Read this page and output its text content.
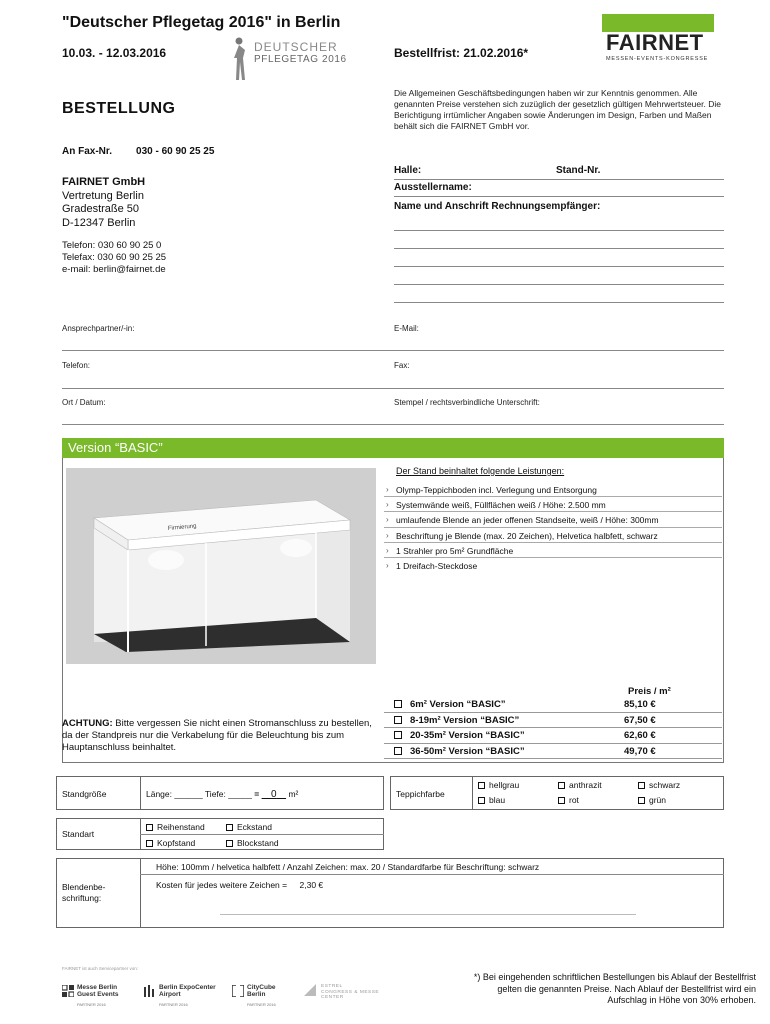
"Deutscher Pflegetag 2016" in Berlin
10.03. - 12.03.2016	DEUTSCHER
PFLEGETAG 2016	Bestellfrist: 21.02.2016*	FAIRNET
MESSEN-EVENTS-KONGRESSE
Die Allgemeinen Geschäftsbedingungen haben wir zur Kenntnis genommen. Alle genannten Preise verstehen sich zuzüglich der gesetzlich gültigen Mehrwertsteuer. Die Berichtigung irrtümlicher Angaben sowie Änderungen im Design, Farben und Maßen behält sich die FAIRNET GmbH vor.
BESTELLUNG
An Fax-Nr. 030 - 60 90 25 25
Halle:	Stand-Nr.
Ausstellername:
Name und Anschrift Rechnungsempfänger:
FAIRNET GmbH
Vertretung Berlin
Gradestraße 50
D-12347 Berlin
Telefon: 030 60 90 25 0
Telefax: 030 60 90 25 25
e-mail: berlin@fairnet.de
Ansprechpartner/-in:	E-Mail:
Telefon:	Fax:
Ort / Datum:	Stempel / rechtsverbindliche Unterschrift:
Version “BASIC”
Firmierung
Der Stand beinhaltet folgende Leistungen:
› Olymp-Teppichboden incl. Verlegung und Entsorgung
› Systemwände weiß, Füllflächen weiß / Höhe: 2.500 mm
› umlaufende Blende an jeder offenen Standseite, weiß / Höhe: 300mm
› Beschriftung je Blende (max. 20 Zeichen), Helvetica halbfett, schwarz
› 1 Strahler pro 5m² Grundfläche
› 1 Dreifach-Steckdose
Preis / m²
6m² Version “BASIC”	85,10 €
8-19m² Version “BASIC”	67,50 €
20-35m² Version “BASIC”	62,60 €
36-50m² Version “BASIC”	49,70 €
ACHTUNG: Bitte vergessen Sie nicht einen Stromanschluss zu bestellen, da der Standpreis nur die Verkabelung für die Beleuchtung bis zum Hauptanschluss beinhaltet.
Standgröße	Länge: ______ Tiefe: _____ = 0 m²	Teppichfarbe
hellgrau	anthrazit	schwarz
blau	rot	grün
Standart
Reihenstand	Eckstand
Kopfstand	Blockstand
Blendenbe-schriftung:
Höhe: 100mm / helvetica halbfett / Anzahl Zeichen: max. 20 / Standardfarbe für Beschriftung: schwarz
Kosten für jedes weitere Zeichen = 2,30 €
FAIRNET ist auch Servicepartner von:
Messe Berlin
Guest Events
PARTNER 2016
Berlin ExpoCenter
Airport
PARTNER 2016
CityCube
Berlin
PARTNER 2016
ESTREL
CONGRESS & MESSE
CENTER
*) Bei eingehenden schriftlichen Bestellungen bis Ablauf der Bestellfrist gelten die genannten Preise. Nach Ablauf der Bestellfrist wird ein Aufschlag in Höhe von 30% erhoben.
